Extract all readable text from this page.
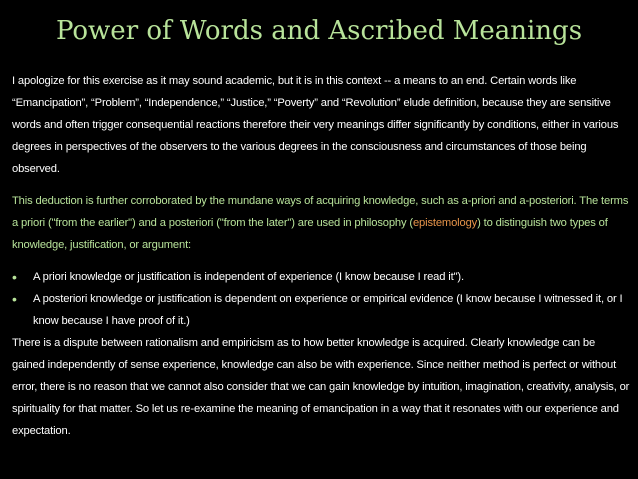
Power of Words and Ascribed Meanings

I apologize for this exercise as it may sound academic, but it is in this context -- a means to an end. Certain words like “Emancipation”, “Problem”, “Independence,” “Justice,” “Poverty” and “Revolution” elude definition, because they are sensitive words and often trigger consequential reactions therefore their very meanings differ significantly by conditions, either in various degrees in perspectives of the observers to the various degrees in the consciousness and circumstances of those being observed.

This deduction is further corroborated by the mundane ways of acquiring knowledge, such as a-priori and a-posteriori. The terms a priori ("from the earlier") and a posteriori ("from the later") are used in philosophy (epistemology) to distinguish two types of knowledge, justification, or argument:

• A priori knowledge or justification is independent of experience (I know because I read it").
• A posteriori knowledge or justification is dependent on experience or empirical evidence (I know because I witnessed it, or I know because I have proof of it.)

There is a dispute between rationalism and empiricism as to how better knowledge is acquired. Clearly knowledge can be gained independently of sense experience, knowledge can also be with experience. Since neither method is perfect or without error, there is no reason that we cannot also consider that we can gain knowledge by intuition, imagination, creativity, analysis, or spirituality for that matter. So let us re-examine the meaning of emancipation in a way that it resonates with our experience and expectation.
